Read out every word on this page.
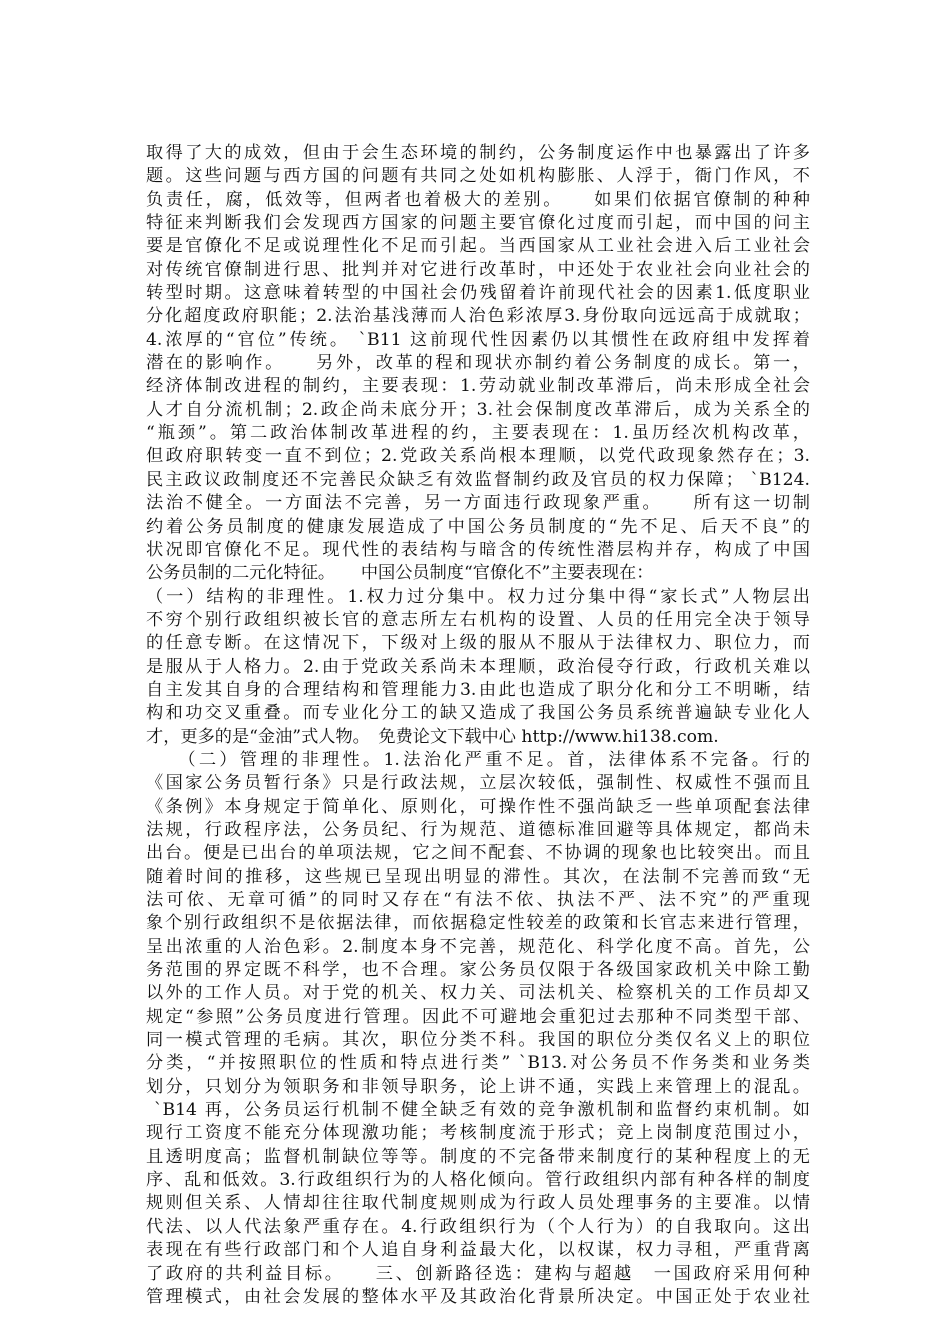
取得了大的成效，但由于会生态环境的制约，公务制度运作中也暴露出了许多
题。这些问题与西方国的问题有共同之处如机构膨胀、人浮于，衙门作风，不
负责任，腐，低效等，但两者也着极大的差别。　　如果们依据官僚制的种种
特征来判断我们会发现西方国家的问题主要官僚化过度而引起，而中国的问主
要是官僚化不足或说理性化不足而引起。当西国家从工业社会进入后工业社会
对传统官僚制进行思、批判并对它进行改革时，中还处于农业社会向业社会的
转型时期。这意味着转型的中国社会仍残留着许前现代社会的因素1.低度职业
分化超度政府职能；2.法治基浅薄而人治色彩浓厚3.身份取向远远高于成就取；
4.浓厚的“官位”传统。 `B11 这前现代性因素仍以其惯性在政府组中发挥着
潜在的影响作。　　另外，改革的程和现状亦制约着公务制度的成长。第一，
经济体制改进程的制约，主要表现：1.劳动就业制改革滞后，尚未形成全社会
人才自分流机制；2.政企尚未底分开；3.社会保制度改革滞后，成为关系全的
“瓶颈”。第二政治体制改革进程的约，主要表现在：1.虽历经次机构改革，
但政府职转变一直不到位；2.党政关系尚根本理顺，以党代政现象然存在；3.
民主政议政制度还不完善民众缺乏有效监督制约政及官员的权力保障； `B124.
法治不健全。一方面法不完善，另一方面违行政现象严重。　　所有这一切制
约着公务员制度的健康发展造成了中国公务员制度的“先不足、后天不良”的
状况即官僚化不足。现代性的表结构与暗含的传统性潜层构并存，构成了中国
公务员制的二元化特征。　　中国公员制度“官僚化不”主要表现在：
（一）结构的非理性。1.权力过分集中。权力过分集中得“家长式”人物层出
不穷个别行政组织被长官的意志所左右机构的设置、人员的任用完全决于领导
的任意专断。在这情况下，下级对上级的服从不服从于法律权力、职位力，而
是服从于人格力。2.由于党政关系尚未本理顺，政治侵夺行政，行政机关难以
自主发其自身的合理结构和管理能力3.由此也造成了职分化和分工不明晰，结
构和功交叉重叠。而专业化分工的缺又造成了我国公务员系统普遍缺专业化人
才，更多的是“金油”式人物。　免费论文下载中心 http://www.hi138.com.
　　（二）管理的非理性。1.法治化严重不足。首，法律体系不完备。行的
《国家公务员暂行条》只是行政法规，立层次较低，强制性、权威性不强而且
《条例》本身规定于简单化、原则化，可操作性不强尚缺乏一些单项配套法律
法规，行政程序法，公务员纪、行为规范、道德标准回避等具体规定，都尚未
出台。便是已出台的单项法规，它之间不配套、不协调的现象也比较突出。而且
随着时间的推移，这些规已呈现出明显的滞性。其次，在法制不完善而致“无
法可依、无章可循”的同时又存在“有法不依、执法不严、法不究”的严重现
象个别行政组织不是依据法律，而依据稳定性较差的政策和长官志来进行管理，
呈出浓重的人治色彩。2.制度本身不完善，规范化、科学化度不高。首先，公
务范围的界定既不科学，也不合理。家公务员仅限于各级国家政机关中除工勤
以外的工作人员。对于党的机关、权力关、司法机关、检察机关的工作员却又
规定“参照”公务员度进行管理。因此不可避地会重犯过去那种不同类型干部、
同一模式管理的毛病。其次，职位分类不科。我国的职位分类仅名义上的职位
分类，“并按照职位的性质和特点进行类” `B13.对公务员不作务类和业务类
划分，只划分为领职务和非领导职务，论上讲不通，实践上来管理上的混乱。
`B14 再，公务员运行机制不健全缺乏有效的竞争激机制和监督约束机制。如
现行工资度不能充分体现激功能；考核制度流于形式；竞上岗制度范围过小，
且透明度高；监督机制缺位等等。制度的不完备带来制度行的某种程度上的无
序、乱和低效。3.行政组织行为的人格化倾向。管行政组织内部有种各样的制度
规则但关系、人情却往往取代制度规则成为行政人员处理事务的主要准。以情
代法、以人代法象严重存在。4.行政组织行为（个人行为）的自我取向。这出
表现在有些行政部门和个人追自身利益最大化，以权谋，权力寻租，严重背离
了政府的共利益目标。　　三、创新路径选：建构与超越　一国政府采用何种
管理模式，由社会发展的整体水平及其政治化背景所决定。中国正处于农业社
